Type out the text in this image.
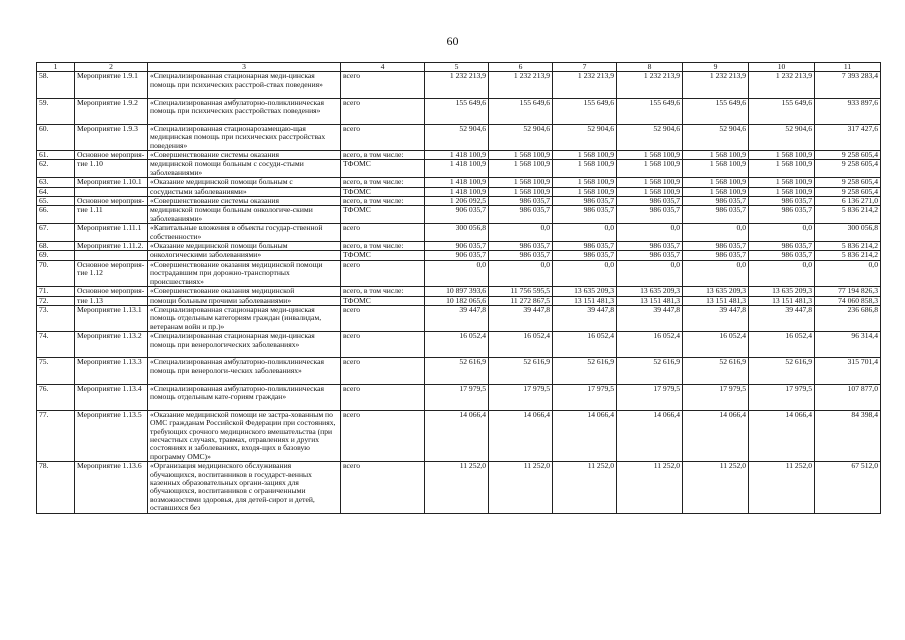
60
1	2	3	4	5	6	7	8	9	10	11
58.	Мероприятие 1.9.1	«Специализированная стационарная меди-цинская помощь при психических расстрой-ствах поведения»	всего	1 232 213,9	1 232 213,9	1 232 213,9	1 232 213,9	1 232 213,9	1 232 213,9	7 393 283,4
59.	Мероприятие 1.9.2	«Специализированная амбулаторно-поликлиническая помощь при психических расстройствах поведения»	всего	155 649,6	155 649,6	155 649,6	155 649,6	155 649,6	155 649,6	933 897,6
60.	Мероприятие 1.9.3	«Специализированная стационарозамещаю-щая медицинская помощь при психических расстройствах поведения»	всего	52 904,6	52 904,6	52 904,6	52 904,6	52 904,6	52 904,6	317 427,6
61.	Основное мероприя-	«Совершенствование системы оказания	всего, в том числе:	1 418 100,9	1 568 100,9	1 568 100,9	1 568 100,9	1 568 100,9	1 568 100,9	9 258 605,4
62.	тие 1.10	медицинской помощи больным с сосуди-стыми заболеваниями»	ТФОМС	1 418 100,9	1 568 100,9	1 568 100,9	1 568 100,9	1 568 100,9	1 568 100,9	9 258 605,4
63.	Мероприятие 1.10.1	«Оказание медицинской помощи больным с	всего, в том числе:	1 418 100,9	1 568 100,9	1 568 100,9	1 568 100,9	1 568 100,9	1 568 100,9	9 258 605,4
64.		сосудистыми заболеваниями»	ТФОМС	1 418 100,9	1 568 100,9	1 568 100,9	1 568 100,9	1 568 100,9	1 568 100,9	9 258 605,4
65.	Основное мероприя-	«Совершенствование системы оказания	всего, в том числе:	1 206 092,5	986 035,7	986 035,7	986 035,7	986 035,7	986 035,7	6 136 271,0
66.	тие 1.11	медицинской помощи больным онкологиче-скими заболеваниями»	ТФОМС	906 035,7	986 035,7	986 035,7	986 035,7	986 035,7	986 035,7	5 836 214,2
67.	Мероприятие 1.11.1	«Капитальные вложения в объекты государ-ственной собственности»	всего	300 056,8	0,0	0,0	0,0	0,0	0,0	300 056,8
68.	Мероприятие 1.11.2.	«Оказание медицинской помощи больным	всего, в том числе:	906 035,7	986 035,7	986 035,7	986 035,7	986 035,7	986 035,7	5 836 214,2
69.		онкологическими заболеваниями»	ТФОМС	906 035,7	986 035,7	986 035,7	986 035,7	986 035,7	986 035,7	5 836 214,2
70.	Основное мероприя-тие 1.12	«Совершенствование оказания медицинской помощи пострадавшим при дорожно-транспортных происшествиях»	всего	0,0	0,0	0,0	0,0	0,0	0,0	0,0
71.	Основное мероприя-	«Совершенствование оказания медицинской	всего, в том числе:	10 897 393,6	11 756 595,5	13 635 209,3	13 635 209,3	13 635 209,3	13 635 209,3	77 194 826,3
72.	тие 1.13	помощи больным прочими заболеваниями»	ТФОМС	10 182 065,6	11 272 867,5	13 151 481,3	13 151 481,3	13 151 481,3	13 151 481,3	74 060 858,3
73.	Мероприятие 1.13.1	«Специализированная стационарная меди-цинская помощь отдельным категориям граждан (инвалидам, ветеранам войн и пр.)»	всего	39 447,8	39 447,8	39 447,8	39 447,8	39 447,8	39 447,8	236 686,8
74.	Мероприятие 1.13.2	«Специализированная стационарная меди-цинская помощь при венерологических заболеваниях»	всего	16 052,4	16 052,4	16 052,4	16 052,4	16 052,4	16 052,4	96 314,4
75.	Мероприятие 1.13.3	«Специализированная амбулаторно-поликлиническая помощь при венерологи-ческих заболеваниях»	всего	52 616,9	52 616,9	52 616,9	52 616,9	52 616,9	52 616,9	315 701,4
76.	Мероприятие 1.13.4	«Специализированная амбулаторно-поликлиническая помощь отдельным кате-гориям граждан»	всего	17 979,5	17 979,5	17 979,5	17 979,5	17 979,5	17 979,5	107 877,0
77.	Мероприятие 1.13.5	«Оказание медицинской помощи не застра-хованным по ОМС гражданам Российской Федерации при состояниях, требующих срочного медицинского вмешательства (при несчастных случаях, травмах, отравлениях и других состояниях и заболеваниях, входя-щих в базовую программу ОМС)»	всего	14 066,4	14 066,4	14 066,4	14 066,4	14 066,4	14 066,4	84 398,4
78.	Мероприятие 1.13.6	«Организация медицинского обслуживания обучающихся, воспитанников в государст-венных казенных образовательных органи-зациях для обучающихся, воспитанников с ограниченными возможностями здоровья, для детей-сирот и детей, оставшихся без	всего	11 252,0	11 252,0	11 252,0	11 252,0	11 252,0	11 252,0	67 512,0
